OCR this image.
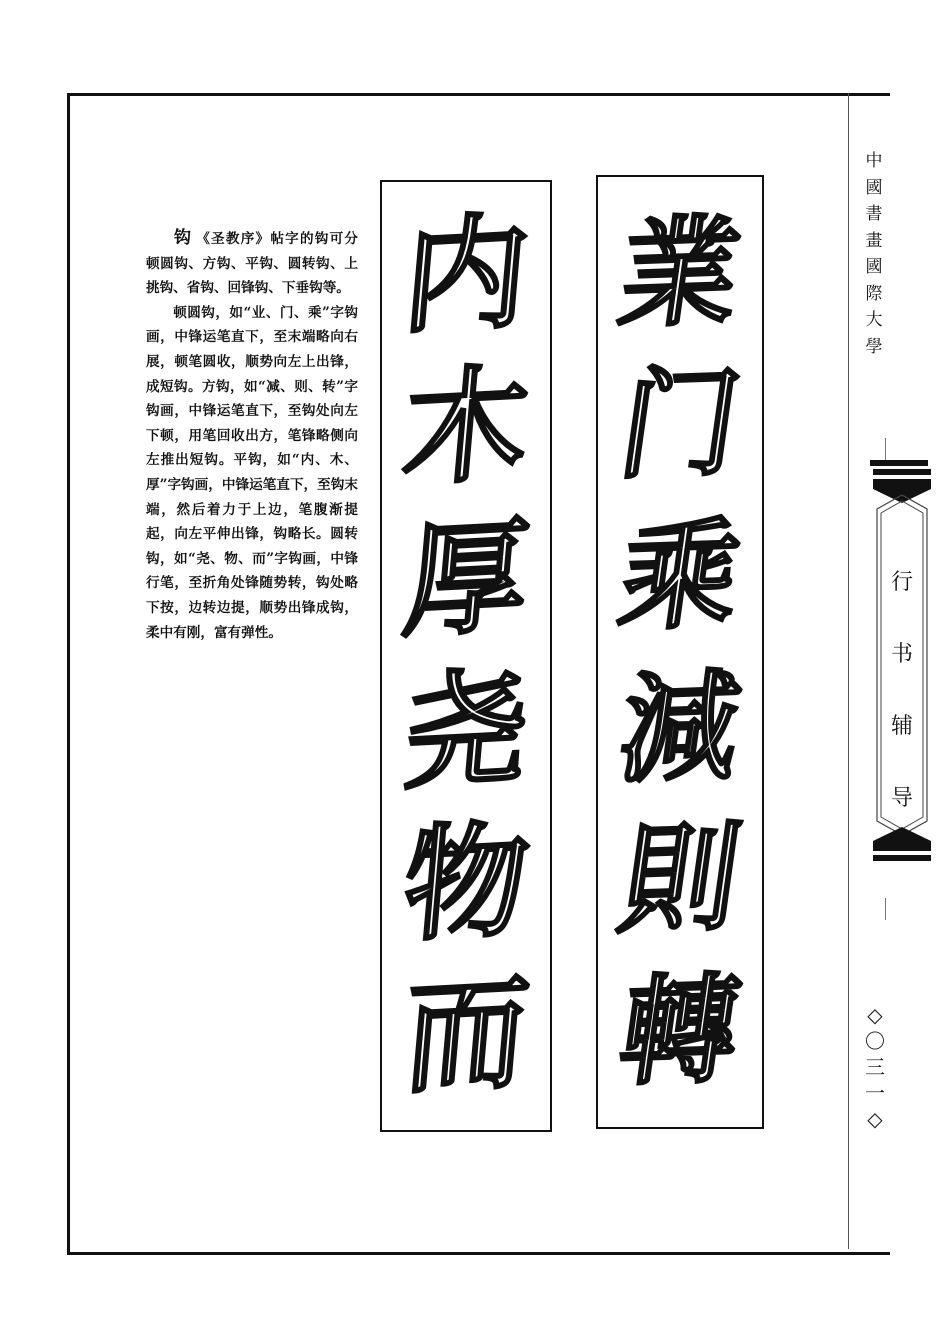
钩 《圣教序》帖字的钩可分顿圆钩、方钩、平钩、圆转钩、上挑钩、省钩、回锋钩、下垂钩等。

顿圆钩，如“业、门、乘”字钩画，中锋运笔直下，至末端略向右展，顿笔圆收，顺势向左上出锋，成短钩。方钩，如“减、则、转”字钩画，中锋运笔直下，至钩处向左下顿，用笔回收出方，笔锋略侧向左推出短钩。平钩，如“内、木、厚”字钩画，中锋运笔直下，至钩末端，然后着力于上边，笔腹渐提起，向左平伸出锋，钩略长。圆转钩，如“尧、物、而”字钩画，中锋行笔，至折角处锋随势转，钩处略下按，边转边提，顺势出锋成钩，柔中有刚，富有弹性。

内
木
厚
尧
物
而
業
门
乘
減
則
轉
中
國
書
畫
國
際
大
學
行
书
辅
导
◇
〇
三
一
◇
